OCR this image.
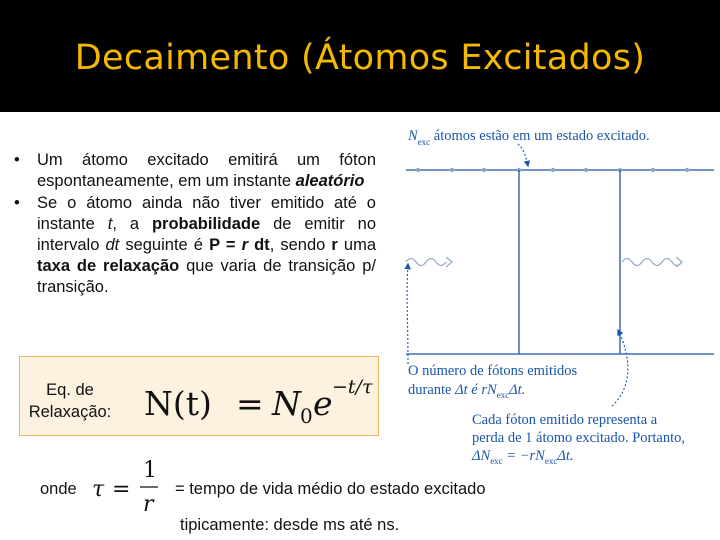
Decaimento (Átomos Excitados)
• Um átomo excitado emitirá um fóton espontaneamente, em um instante aleatório
• Se o átomo ainda não tiver emitido até o instante t, a probabilidade de emitir no intervalo dt seguinte é P = r dt, sendo r uma taxa de relaxação que varia de transição p/ transição.
Eq. de Relaxação: N(t) = N 0 e −t/τ
onde τ =
1
r
= tempo de vida médio do estado excitado
tipicamente: desde ms até ns.
$N_{exc}$ átomos estão em um estado excitado.
O número de fótons emitidos
durante Δt é $rN_{exc}\Delta t$.
Cada fóton emitido representa a
perda de 1 átomo excitado. Portanto,
$\Delta N_{exc} = -rN_{exc}\Delta t$.
